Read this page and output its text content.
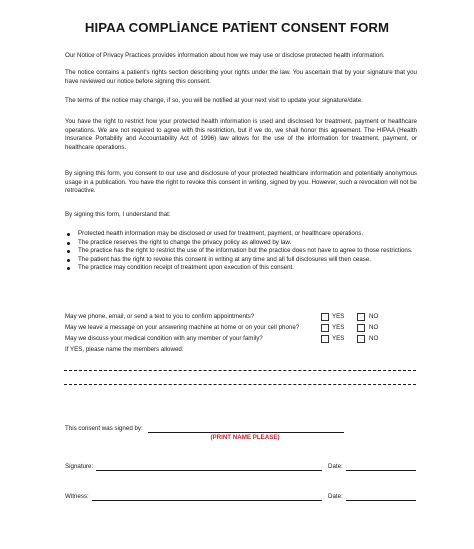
HIPAA COMPLİANCE PATİENT CONSENT FORM

Our Notice of Privacy Practices provides information about how we may use or disclose protected health information.

The notice contains a patient's rights section describing your rights under the law. You ascertain that by your signature that you have reviewed our notice before signing this consent.

The terms of the notice may change, if so, you will be notified at your next visit to update your signature/date.

You have the right to restrict how your protected health information is used and disclosed for treatment, payment or healthcare operations. We are not required to agree with this restriction, but if we do, we shall honor this agreement. The HIPAA (Health Insurance Portability and Accountability Act of 1996) law allows for the use of the information for treatment, payment, or healthcare operations.

By signing this form, you consent to our use and disclosure of your protected healthcare information and potentially anonymous usage in a publication. You have the right to revoke this consent in writing, signed by you. However, such a revocation will not be retroactive.

By signing this form, I understand that:

Protected health information may be disclosed or used for treatment, payment, or healthcare operations.
The practice reserves the right to change the privacy policy as allowed by law.
The practice has the right to restrict the use of the information but the practice does not have to agree to those restrictions.
The patient has the right to revoke this consent in writing at any time and all full disclosures will then cease.
The practice may condition receipt of treatment upon execution of this consent.
May we phone, email, or send a text to you to confirm appointments?	YES	NO
May we leave a message on your answering machine at home or on your cell phone?	YES	NO
May we discuss your medical condition with any member of your family?	YES	NO
If YES, please name the members allowed:
This consent was signed by:
(PRINT NAME PLEASE)
Signature:	Date:
Witness:	Date:
